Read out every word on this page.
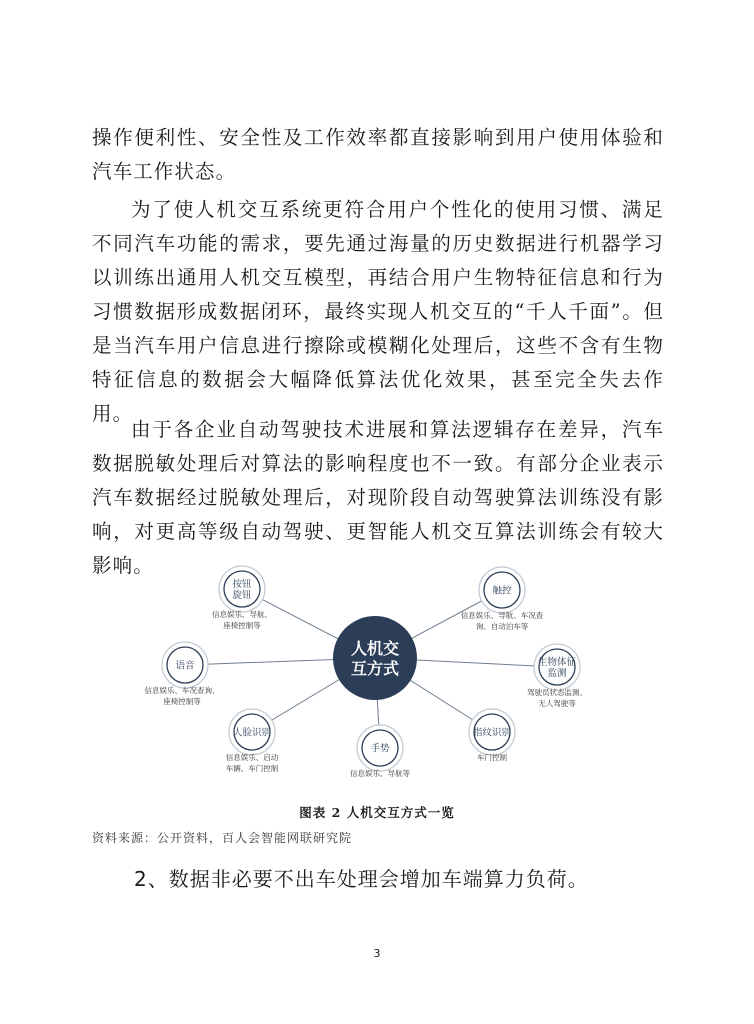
操作便利性、安全性及工作效率都直接影响到用户使用体验和汽车工作状态。

为了使人机交互系统更符合用户个性化的使用习惯、满足不同汽车功能的需求，要先通过海量的历史数据进行机器学习以训练出通用人机交互模型，再结合用户生物特征信息和行为习惯数据形成数据闭环，最终实现人机交互的“千人千面”。但是当汽车用户信息进行擦除或模糊化处理后，这些不含有生物特征信息的数据会大幅降低算法优化效果，甚至完全失去作用。

由于各企业自动驾驶技术进展和算法逻辑存在差异，汽车数据脱敏处理后对算法的影响程度也不一致。有部分企业表示汽车数据经过脱敏处理后，对现阶段自动驾驶算法训练没有影响，对更高等级自动驾驶、更智能人机交互算法训练会有较大影响。

按钮
旋钮
信息娱乐、导航、
座椅控制等
触控
信息娱乐、导航、车况查
询、自动泊车等
语音
信息娱乐、车况查询、
座椅控制等
生物体征
监测
驾驶员状态监测、
无人驾驶等
人脸识别
信息娱乐、启动
车辆、车门控制
手势
信息娱乐、导航等
指纹识别
车门控制
人机交
互方式
图表 2 人机交互方式一览
资料来源：公开资料，百人会智能网联研究院
2、数据非必要不出车处理会增加车端算力负荷。
3
